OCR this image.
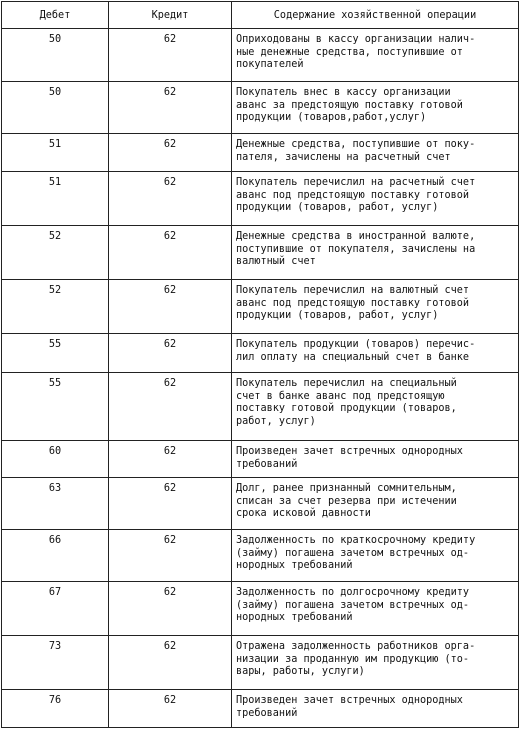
Дебет	Кредит	Содержание хозяйственной операции
50	62	Оприходованы в кассу организации налич-
ные денежные средства, поступившие от
покупателей

50	62	Покупатель внес в кассу организации
аванс за предстоящую поставку готовой
продукции (товаров,работ,услуг)

51	62	Денежные средства, поступившие от поку-
пателя, зачислены на расчетный счет

51	62	Покупатель перечислил на расчетный счет
аванс под предстоящую поставку готовой
продукции (товаров, работ, услуг)

52	62	Денежные средства в иностранной валюте,
поступившие от покупателя, зачислены на
валютный счет

52	62	Покупатель перечислил на валютный счет
аванс под предстоящую поставку готовой
продукции (товаров, работ, услуг)

55	62	Покупатель продукции (товаров) перечис-
лил оплату на специальный счет в банке

55	62	Покупатель перечислил на специальный
счет в банке аванс под предстоящую
поставку готовой продукции (товаров,
работ, услуг)

60	62	Произведен зачет встречных однородных
требований

63	62	Долг, ранее признанный сомнительным,
списан за счет резерва при истечении
срока исковой давности

66	62	Задолженность по краткосрочному кредиту
(займу) погашена зачетом встречных од-
нородных требований

67	62	Задолженность по долгосрочному кредиту
(займу) погашена зачетом встречных од-
нородных требований

73	62	Отражена задолженность работников орга-
низации за проданную им продукцию (то-
вары, работы, услуги)

76	62	Произведен зачет встречных однородных
требований
